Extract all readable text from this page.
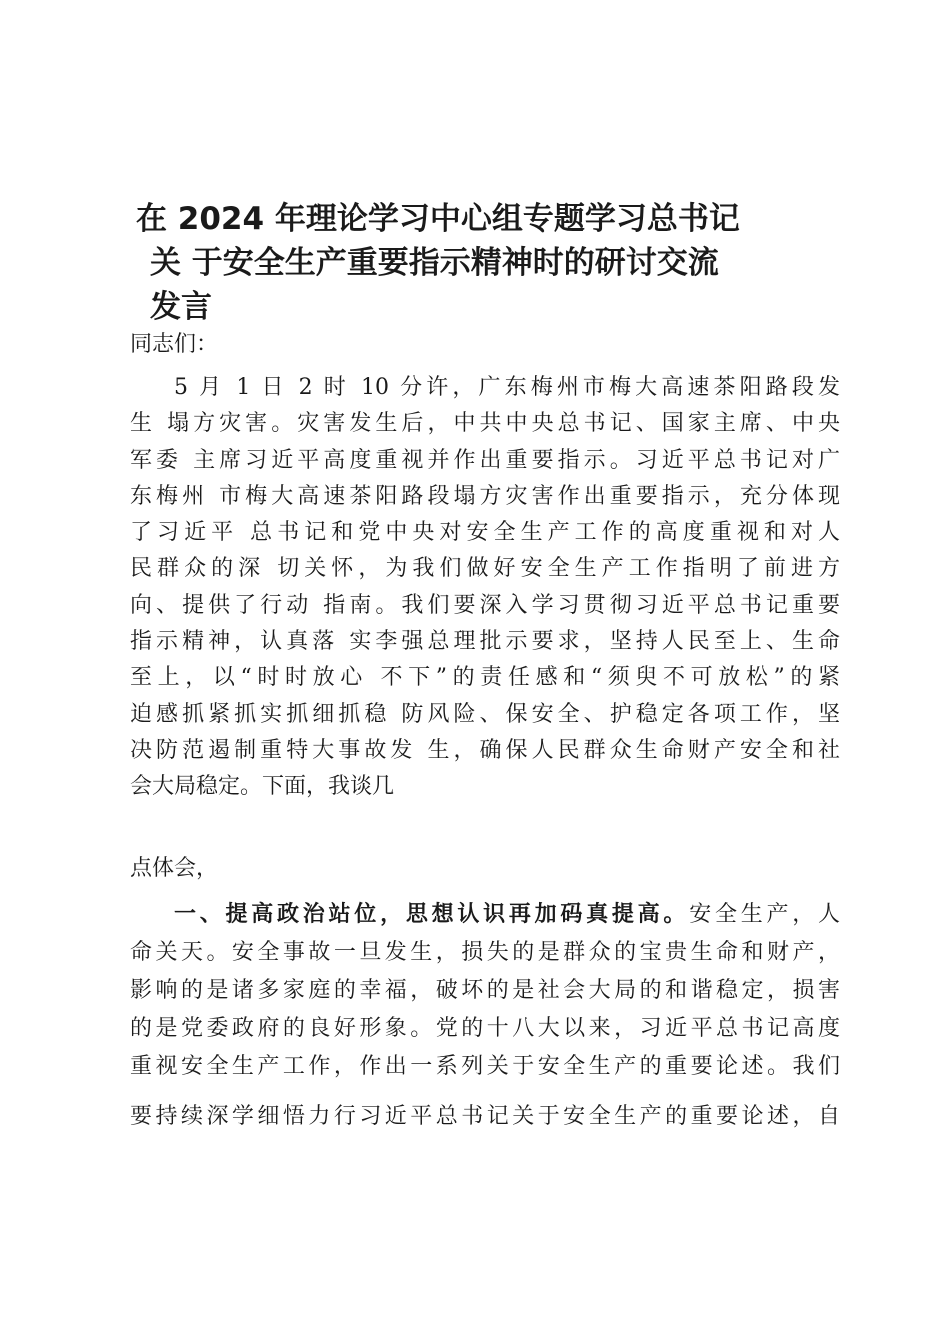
在 2024 年理论学习中心组专题学习总书记
关 于安全生产重要指示精神时的研讨交流
发言

同志们：

5 月 1 日 2 时 10 分许，广东梅州市梅大高速茶阳路段发
生 塌方灾害。灾害发生后，中共中央总书记、国家主席、中央
军委 主席习近平高度重视并作出重要指示。习近平总书记对广
东梅州 市梅大高速茶阳路段塌方灾害作出重要指示，充分体现
了习近平 总书记和党中央对安全生产工作的高度重视和对人
民群众的深 切关怀，为我们做好安全生产工作指明了前进方
向、提供了行动 指南。我们要深入学习贯彻习近平总书记重要
指示精神，认真落 实李强总理批示要求，坚持人民至上、生命
至上，以“时时放心 不下”的责任感和“须臾不可放松”的紧
迫感抓紧抓实抓细抓稳 防风险、保安全、护稳定各项工作，坚
决防范遏制重特大事故发 生，确保人民群众生命财产安全和社
会大局稳定。下面，我谈几

点体会，

一、提高政治站位，思想认识再加码真提高。安全生产，人
命关天。安全事故一旦发生，损失的是群众的宝贵生命和财产，
影响的是诸多家庭的幸福，破坏的是社会大局的和谐稳定，损害
的是党委政府的良好形象。党的十八大以来，习近平总书记高度
重视安全生产工作，作出一系列关于安全生产的重要论述。我们
要持续深学细悟力行习近平总书记关于安全生产的重要论述，自
